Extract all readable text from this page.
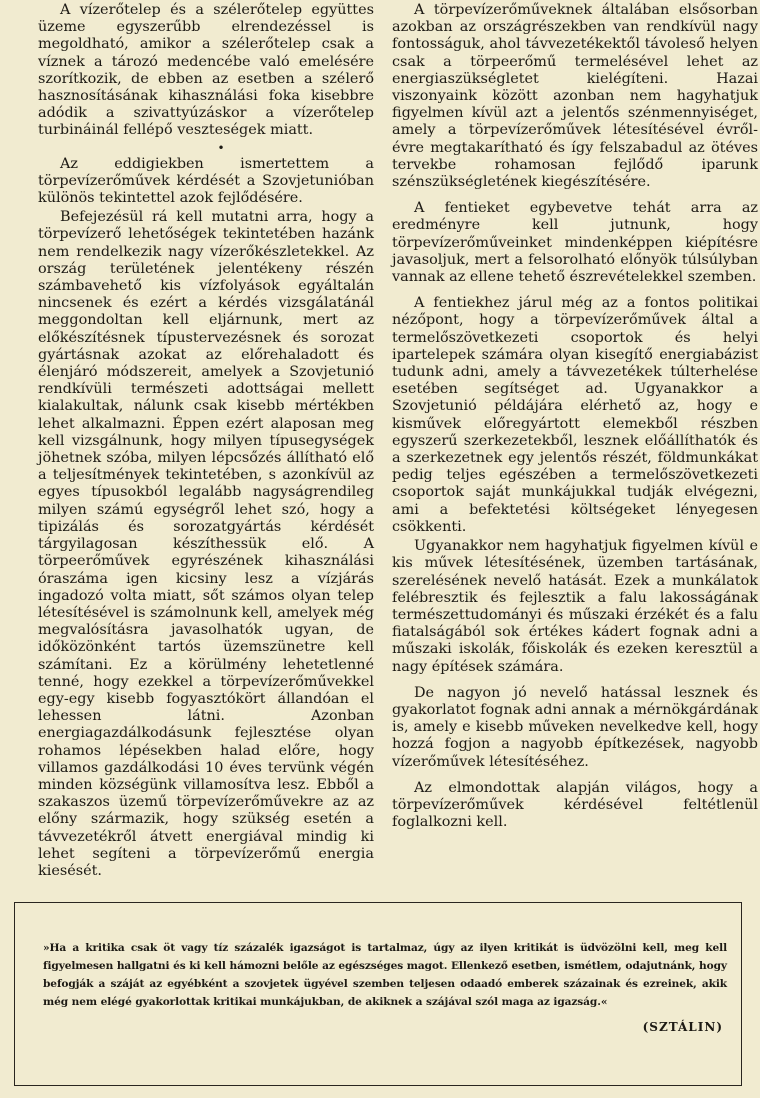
A vízerőtelep és a szélerőtelep együttes üzeme egyszerűbb elrendezéssel is megoldható, amikor a szélerőtelep csak a víznek a tározó medencébe való emelésére szorítkozik, de ebben az esetben a szélerő hasznosításának kihasználási foka kisebbre adódik a szivattyúzáskor a vízerőtelep turbináinál fellépő veszteségek miatt.

•

Az eddigiekben ismertettem a törpevízerőművek kérdését a Szovjetunióban különös tekintettel azok fejlődésére.

Befejezésül rá kell mutatni arra, hogy a törpevízerő lehetőségek tekintetében hazánk nem rendelkezik nagy vízerőkészletekkel. Az ország területének jelentékeny részén számbavehető kis vízfolyások egyáltalán nincsenek és ezért a kérdés vizsgálatánál meggondoltan kell eljárnunk, mert az előkészítésnek típustervezésnek és sorozat gyártásnak azokat az előrehaladott és élenjáró módszereit, amelyek a Szovjetunió rendkívüli természeti adottságai mellett kialakultak, nálunk csak kisebb mértékben lehet alkalmazni. Éppen ezért alaposan meg kell vizsgálnunk, hogy milyen típusegységek jöhetnek szóba, milyen lépcsőzés állítható elő a teljesítmények tekintetében, s azonkívül az egyes típusokból legalább nagyságrendileg milyen számú egységről lehet szó, hogy a tipizálás és sorozatgyártás kérdését tárgyilagosan készíthessük elő. A törpeerőművek egyrészének kihasználási óraszáma igen kicsiny lesz a vízjárás ingadozó volta miatt, sőt számos olyan telep létesítésével is számolnunk kell, amelyek még megvalósításra javasolhatók ugyan, de időközönként tartós üzemszünetre kell számítani. Ez a körülmény lehetetlenné tenné, hogy ezekkel a törpevízerőművekkel egy-egy kisebb fogyasztókört állandóan el lehessen látni. Azonban energiagazdálkodásunk fejlesztése olyan rohamos lépésekben halad előre, hogy villamos gazdálkodási 10 éves tervünk végén minden községünk villamosítva lesz. Ebből a szakaszos üzemű törpevízerőművekre az az előny származik, hogy szükség esetén a távvezetékről átvett energiával mindig ki lehet segíteni a törpevízerőmű energia kiesését.

A törpevízerőműveknek általában elsősorban azokban az országrészekben van rendkívül nagy fontosságuk, ahol távvezetékektől távoleső helyen csak a törpeerőmű termelésével lehet az energiaszükségletet kielégíteni. Hazai viszonyaink között azonban nem hagyhatjuk figyelmen kívül azt a jelentős szénmennyiséget, amely a törpevízerőművek létesítésével évről-évre megtakarítható és így felszabadul az ötéves tervekbe rohamosan fejlődő iparunk szénszükségletének kiegészítésére.

A fentieket egybevetve tehát arra az eredményre kell jutnunk, hogy törpevízerőműveinket mindenképpen kiépítésre javasoljuk, mert a felsorolható előnyök túlsúlyban vannak az ellene tehető észrevételekkel szemben.

A fentiekhez járul még az a fontos politikai nézőpont, hogy a törpevízerőművek által a termelőszövetkezeti csoportok és helyi ipartelepek számára olyan kisegítő energiabázist tudunk adni, amely a távvezetékek túlterhelése esetében segítséget ad. Ugyanakkor a Szovjetunió példájára elérhető az, hogy e kisművek előregyártott elemekből részben egyszerű szerkezetekből, lesznek előállíthatók és a szerkezetnek egy jelentős részét, földmunkákat pedig teljes egészében a termelőszövetkezeti csoportok saját munkájukkal tudják elvégezni, ami a befektetési költségeket lényegesen csökkenti.

Ugyanakkor nem hagyhatjuk figyelmen kívül e kis művek létesítésének, üzemben tartásának, szerelésének nevelő hatását. Ezek a munkálatok felébresztik és fejlesztik a falu lakosságának természettudományi és műszaki érzékét és a falu fiatalságából sok értékes kádert fognak adni a műszaki iskolák, főiskolák és ezeken keresztül a nagy építések számára.

De nagyon jó nevelő hatással lesznek és gyakorlatot fognak adni annak a mérnökgárdának is, amely e kisebb műveken nevelkedve kell, hogy hozzá fogjon a nagyobb építkezések, nagyobb vízerőművek létesítéséhez.

Az elmondottak alapján világos, hogy a törpevízerőművek kérdésével feltétlenül foglalkozni kell.

»Ha a kritika csak öt vagy tíz százalék igazságot is tartalmaz, úgy az ilyen kritikát is üdvözölni kell, meg kell figyelmesen hallgatni és ki kell hámozni belőle az egészséges magot. Ellenkező esetben, ismétlem, odajutnánk, hogy befogják a száját az egyébként a szovjetek ügyével szemben teljesen odaadó emberek százainak és ezreinek, akik még nem elégé gyakorlottak kritikai munkájukban, de akiknek a szájával szól maga az igazság.«
(SZTÁLIN)
